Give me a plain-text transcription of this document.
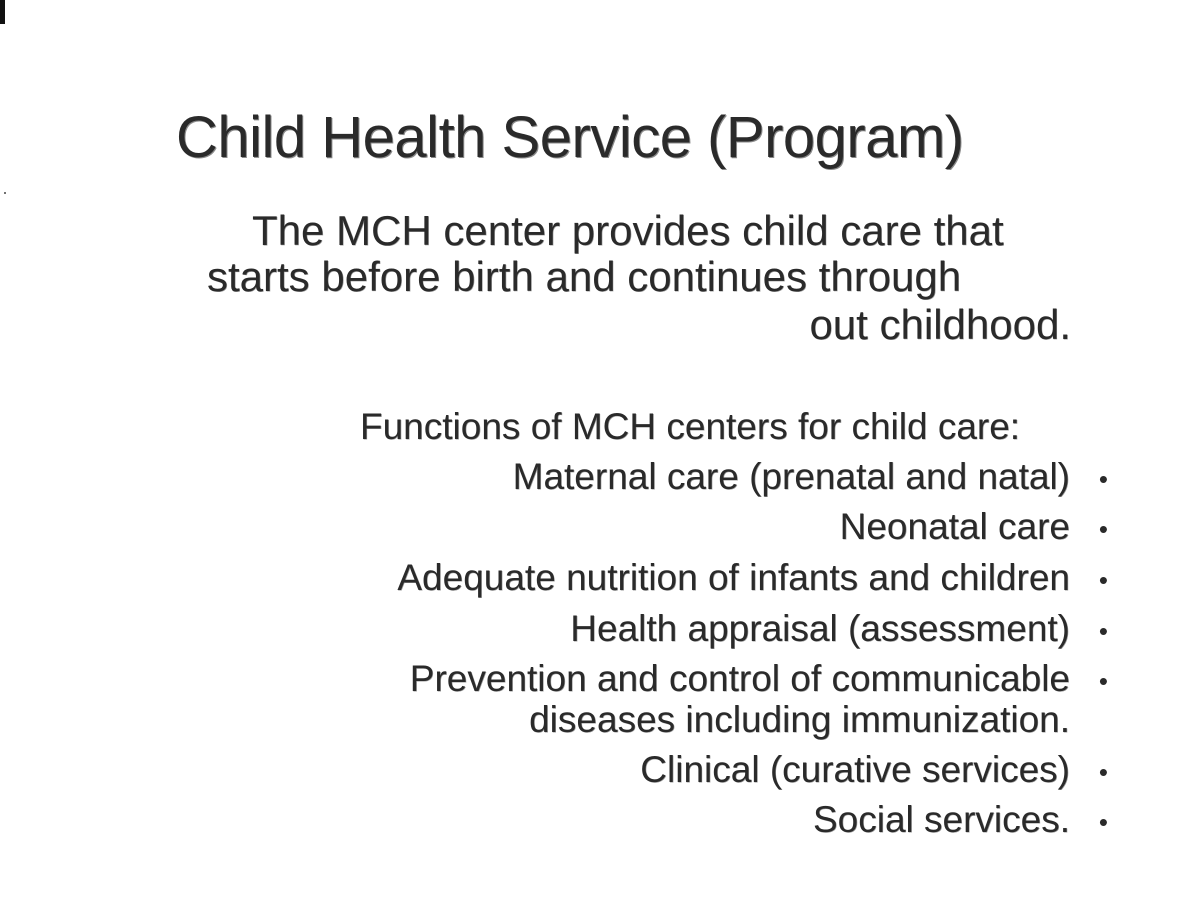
Child Health Service (Program)

The MCH center provides child care that

starts before birth and continues through

out childhood.

Functions of MCH centers for child care:
Maternal care (prenatal and natal) •
Neonatal care •
Adequate nutrition of infants and children •
Health appraisal (assessment) •
Prevention and control of communicable •
diseases including immunization.
Clinical (curative services) •
Social services. •
